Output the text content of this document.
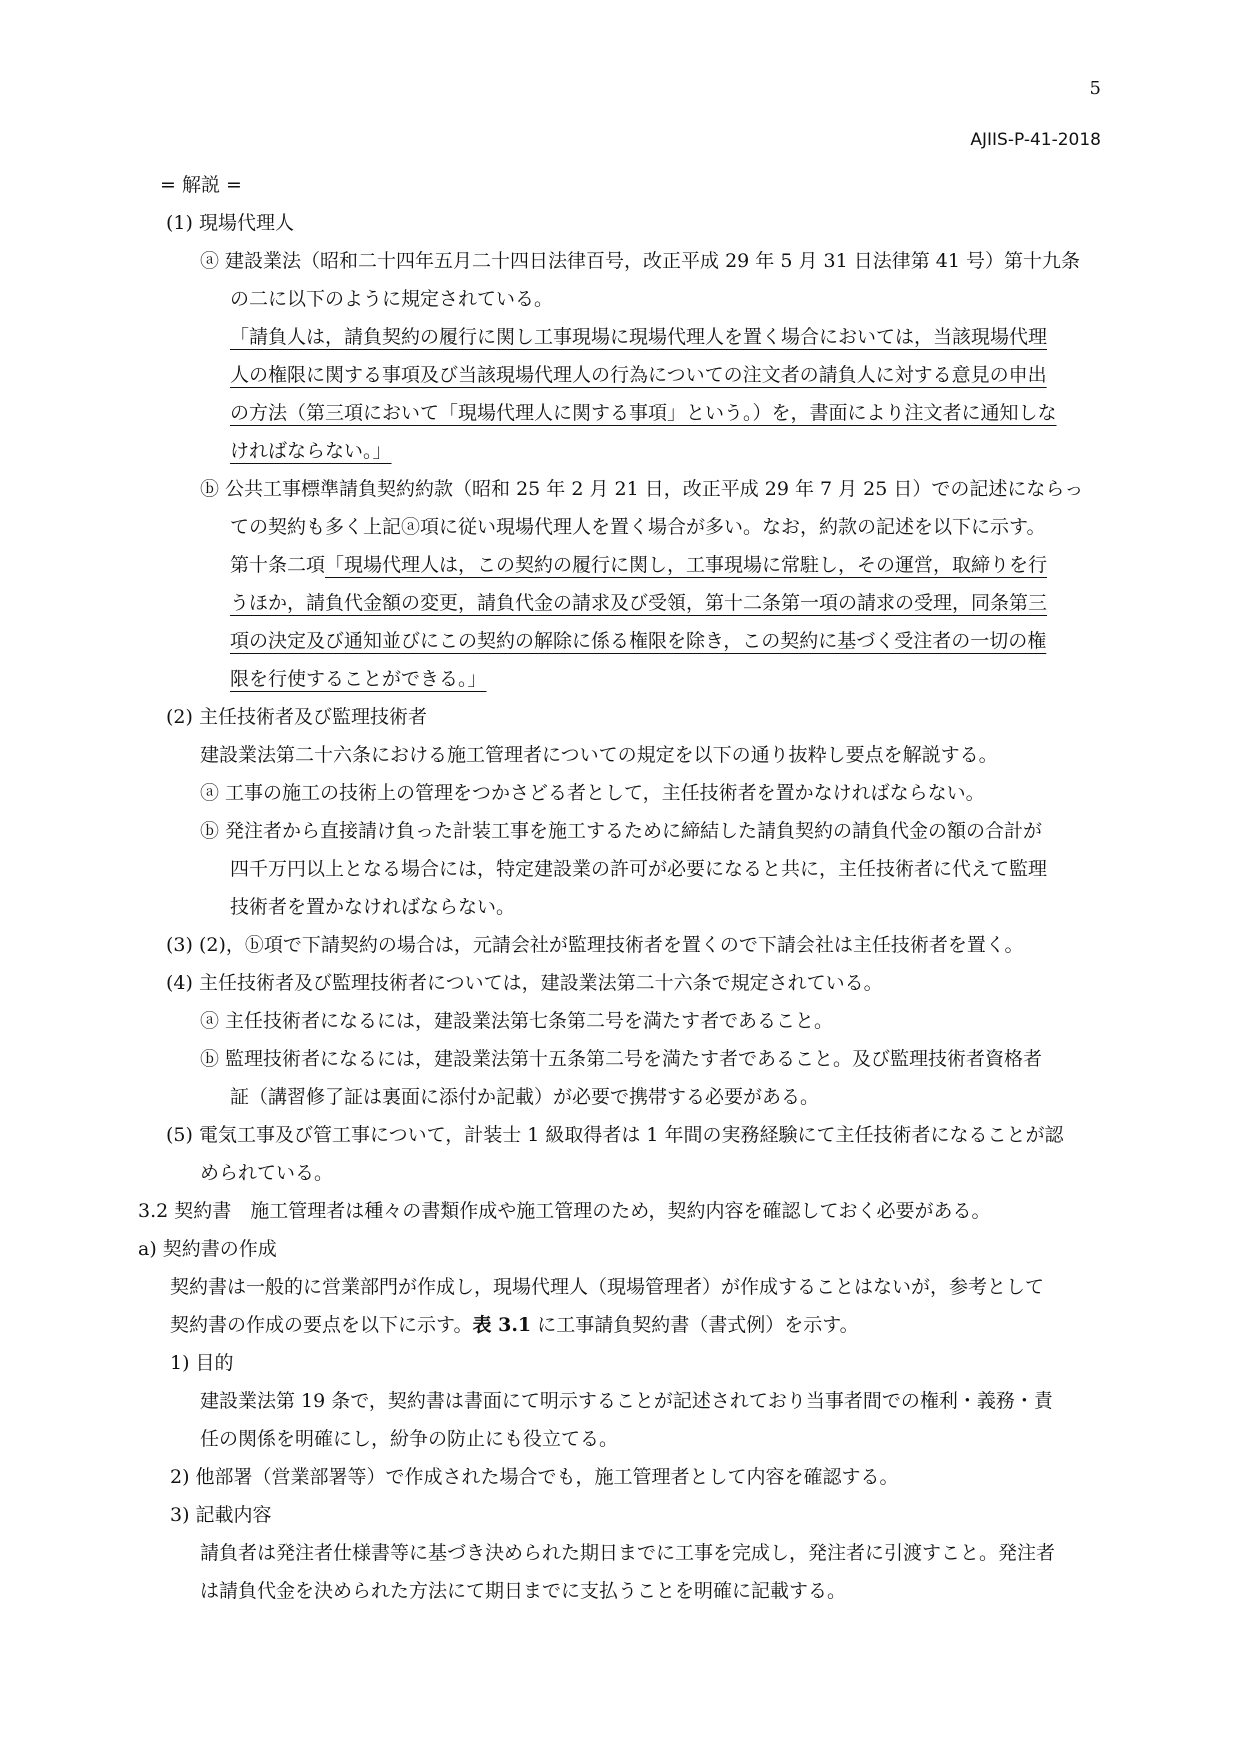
5
AJIIS-P-41-2018
= 解説 =
(1) 現場代理人
ⓐ 建設業法（昭和二十四年五月二十四日法律百号，改正平成 29 年 5 月 31 日法律第 41 号）第十九条
の二に以下のように規定されている。
「請負人は，請負契約の履行に関し工事現場に現場代理人を置く場合においては，当該現場代理
人の権限に関する事項及び当該現場代理人の行為についての注文者の請負人に対する意見の申出
の方法（第三項において「現場代理人に関する事項」という。）を，書面により注文者に通知しな
ければならない。」
ⓑ 公共工事標準請負契約約款（昭和 25 年 2 月 21 日，改正平成 29 年 7 月 25 日）での記述にならっ
ての契約も多く上記ⓐ項に従い現場代理人を置く場合が多い。なお，約款の記述を以下に示す。
第十条二項「現場代理人は，この契約の履行に関し，工事現場に常駐し，その運営，取締りを行
うほか，請負代金額の変更，請負代金の請求及び受領，第十二条第一項の請求の受理，同条第三
項の決定及び通知並びにこの契約の解除に係る権限を除き，この契約に基づく受注者の一切の権
限を行使することができる。」
(2) 主任技術者及び監理技術者
建設業法第二十六条における施工管理者についての規定を以下の通り抜粋し要点を解説する。
ⓐ 工事の施工の技術上の管理をつかさどる者として，主任技術者を置かなければならない。
ⓑ 発注者から直接請け負った計装工事を施工するために締結した請負契約の請負代金の額の合計が
四千万円以上となる場合には，特定建設業の許可が必要になると共に，主任技術者に代えて監理
技術者を置かなければならない。
(3) (2)，ⓑ項で下請契約の場合は，元請会社が監理技術者を置くので下請会社は主任技術者を置く。
(4) 主任技術者及び監理技術者については，建設業法第二十六条で規定されている。
ⓐ 主任技術者になるには，建設業法第七条第二号を満たす者であること。
ⓑ 監理技術者になるには，建設業法第十五条第二号を満たす者であること。及び監理技術者資格者
証（講習修了証は裏面に添付か記載）が必要で携帯する必要がある。
(5) 電気工事及び管工事について，計装士 1 級取得者は 1 年間の実務経験にて主任技術者になることが認
められている。
3.2 契約書　施工管理者は種々の書類作成や施工管理のため，契約内容を確認しておく必要がある。
a) 契約書の作成
契約書は一般的に営業部門が作成し，現場代理人（現場管理者）が作成することはないが，参考として
契約書の作成の要点を以下に示す。表 3.1 に工事請負契約書（書式例）を示す。
1) 目的
建設業法第 19 条で，契約書は書面にて明示することが記述されており当事者間での権利・義務・責
任の関係を明確にし，紛争の防止にも役立てる。
2) 他部署（営業部署等）で作成された場合でも，施工管理者として内容を確認する。
3) 記載内容
請負者は発注者仕様書等に基づき決められた期日までに工事を完成し，発注者に引渡すこと。発注者
は請負代金を決められた方法にて期日までに支払うことを明確に記載する。
